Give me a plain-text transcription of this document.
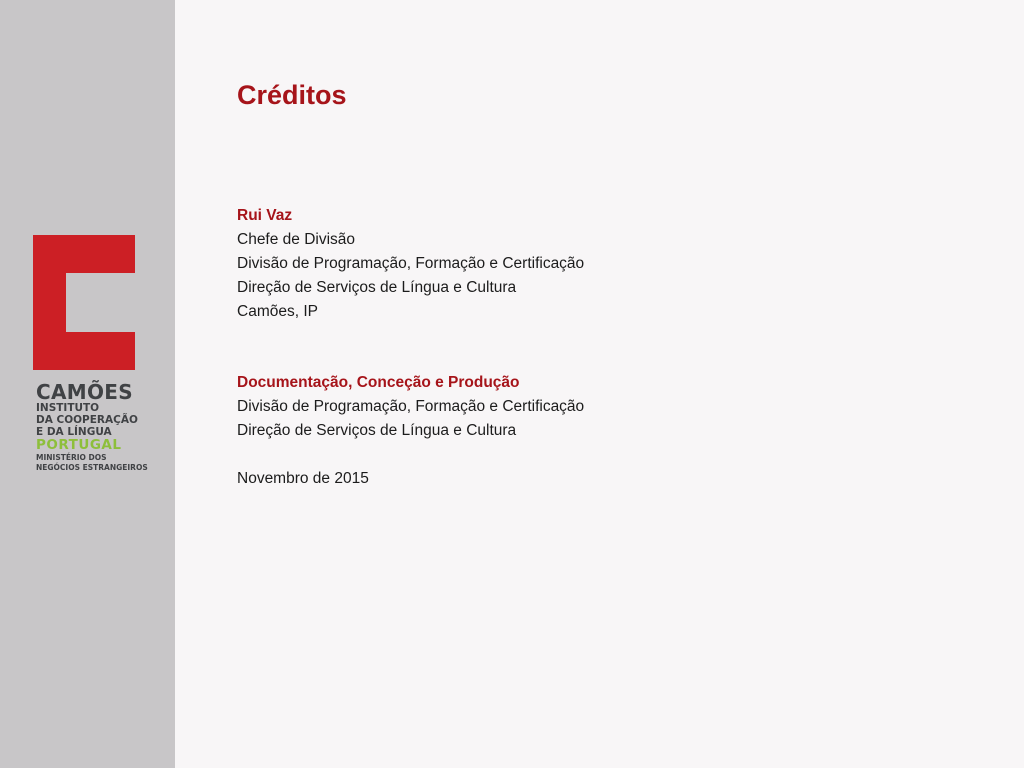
CAMÕES
INSTITUTO
DA COOPERAÇÃO
E DA LÍNGUA
PORTUGAL
MINISTÉRIO DOS
NEGÓCIOS ESTRANGEIROS
Créditos
Rui Vaz
Chefe de Divisão
Divisão de Programação, Formação e Certificação
Direção de Serviços de Língua e Cultura
Camões, IP
Documentação, Conceção e Produção
Divisão de Programação, Formação e Certificação
Direção de Serviços de Língua e Cultura
Novembro de 2015
